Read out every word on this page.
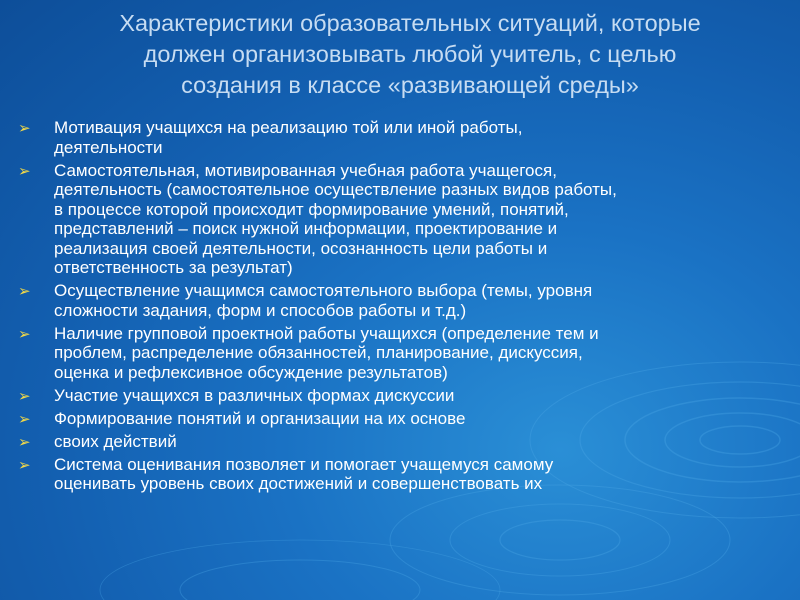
Характеристики образовательных ситуаций, которые
должен организовывать любой учитель, с целью
создания в классе «развивающей среды»
➢ Мотивация учащихся на реализацию той или иной работы,
деятельности
➢ Самостоятельная, мотивированная учебная работа учащегося,
деятельность (самостоятельное осуществление разных видов работы,
в процессе которой происходит формирование умений, понятий,
представлений – поиск нужной информации, проектирование и
реализация своей деятельности, осознанность цели работы и
ответственность за результат)
➢ Осуществление учащимся самостоятельного выбора (темы, уровня
сложности задания, форм и способов работы и т.д.)
➢ Наличие групповой проектной работы учащихся (определение тем и
проблем, распределение обязанностей, планирование, дискуссия,
оценка и рефлексивное обсуждение результатов)
➢ Участие учащихся в различных формах дискуссии
➢ Формирование понятий и организации на их основе
➢ своих действий
➢ Система оценивания позволяет и помогает учащемуся самому
оценивать уровень своих достижений и совершенствовать их
